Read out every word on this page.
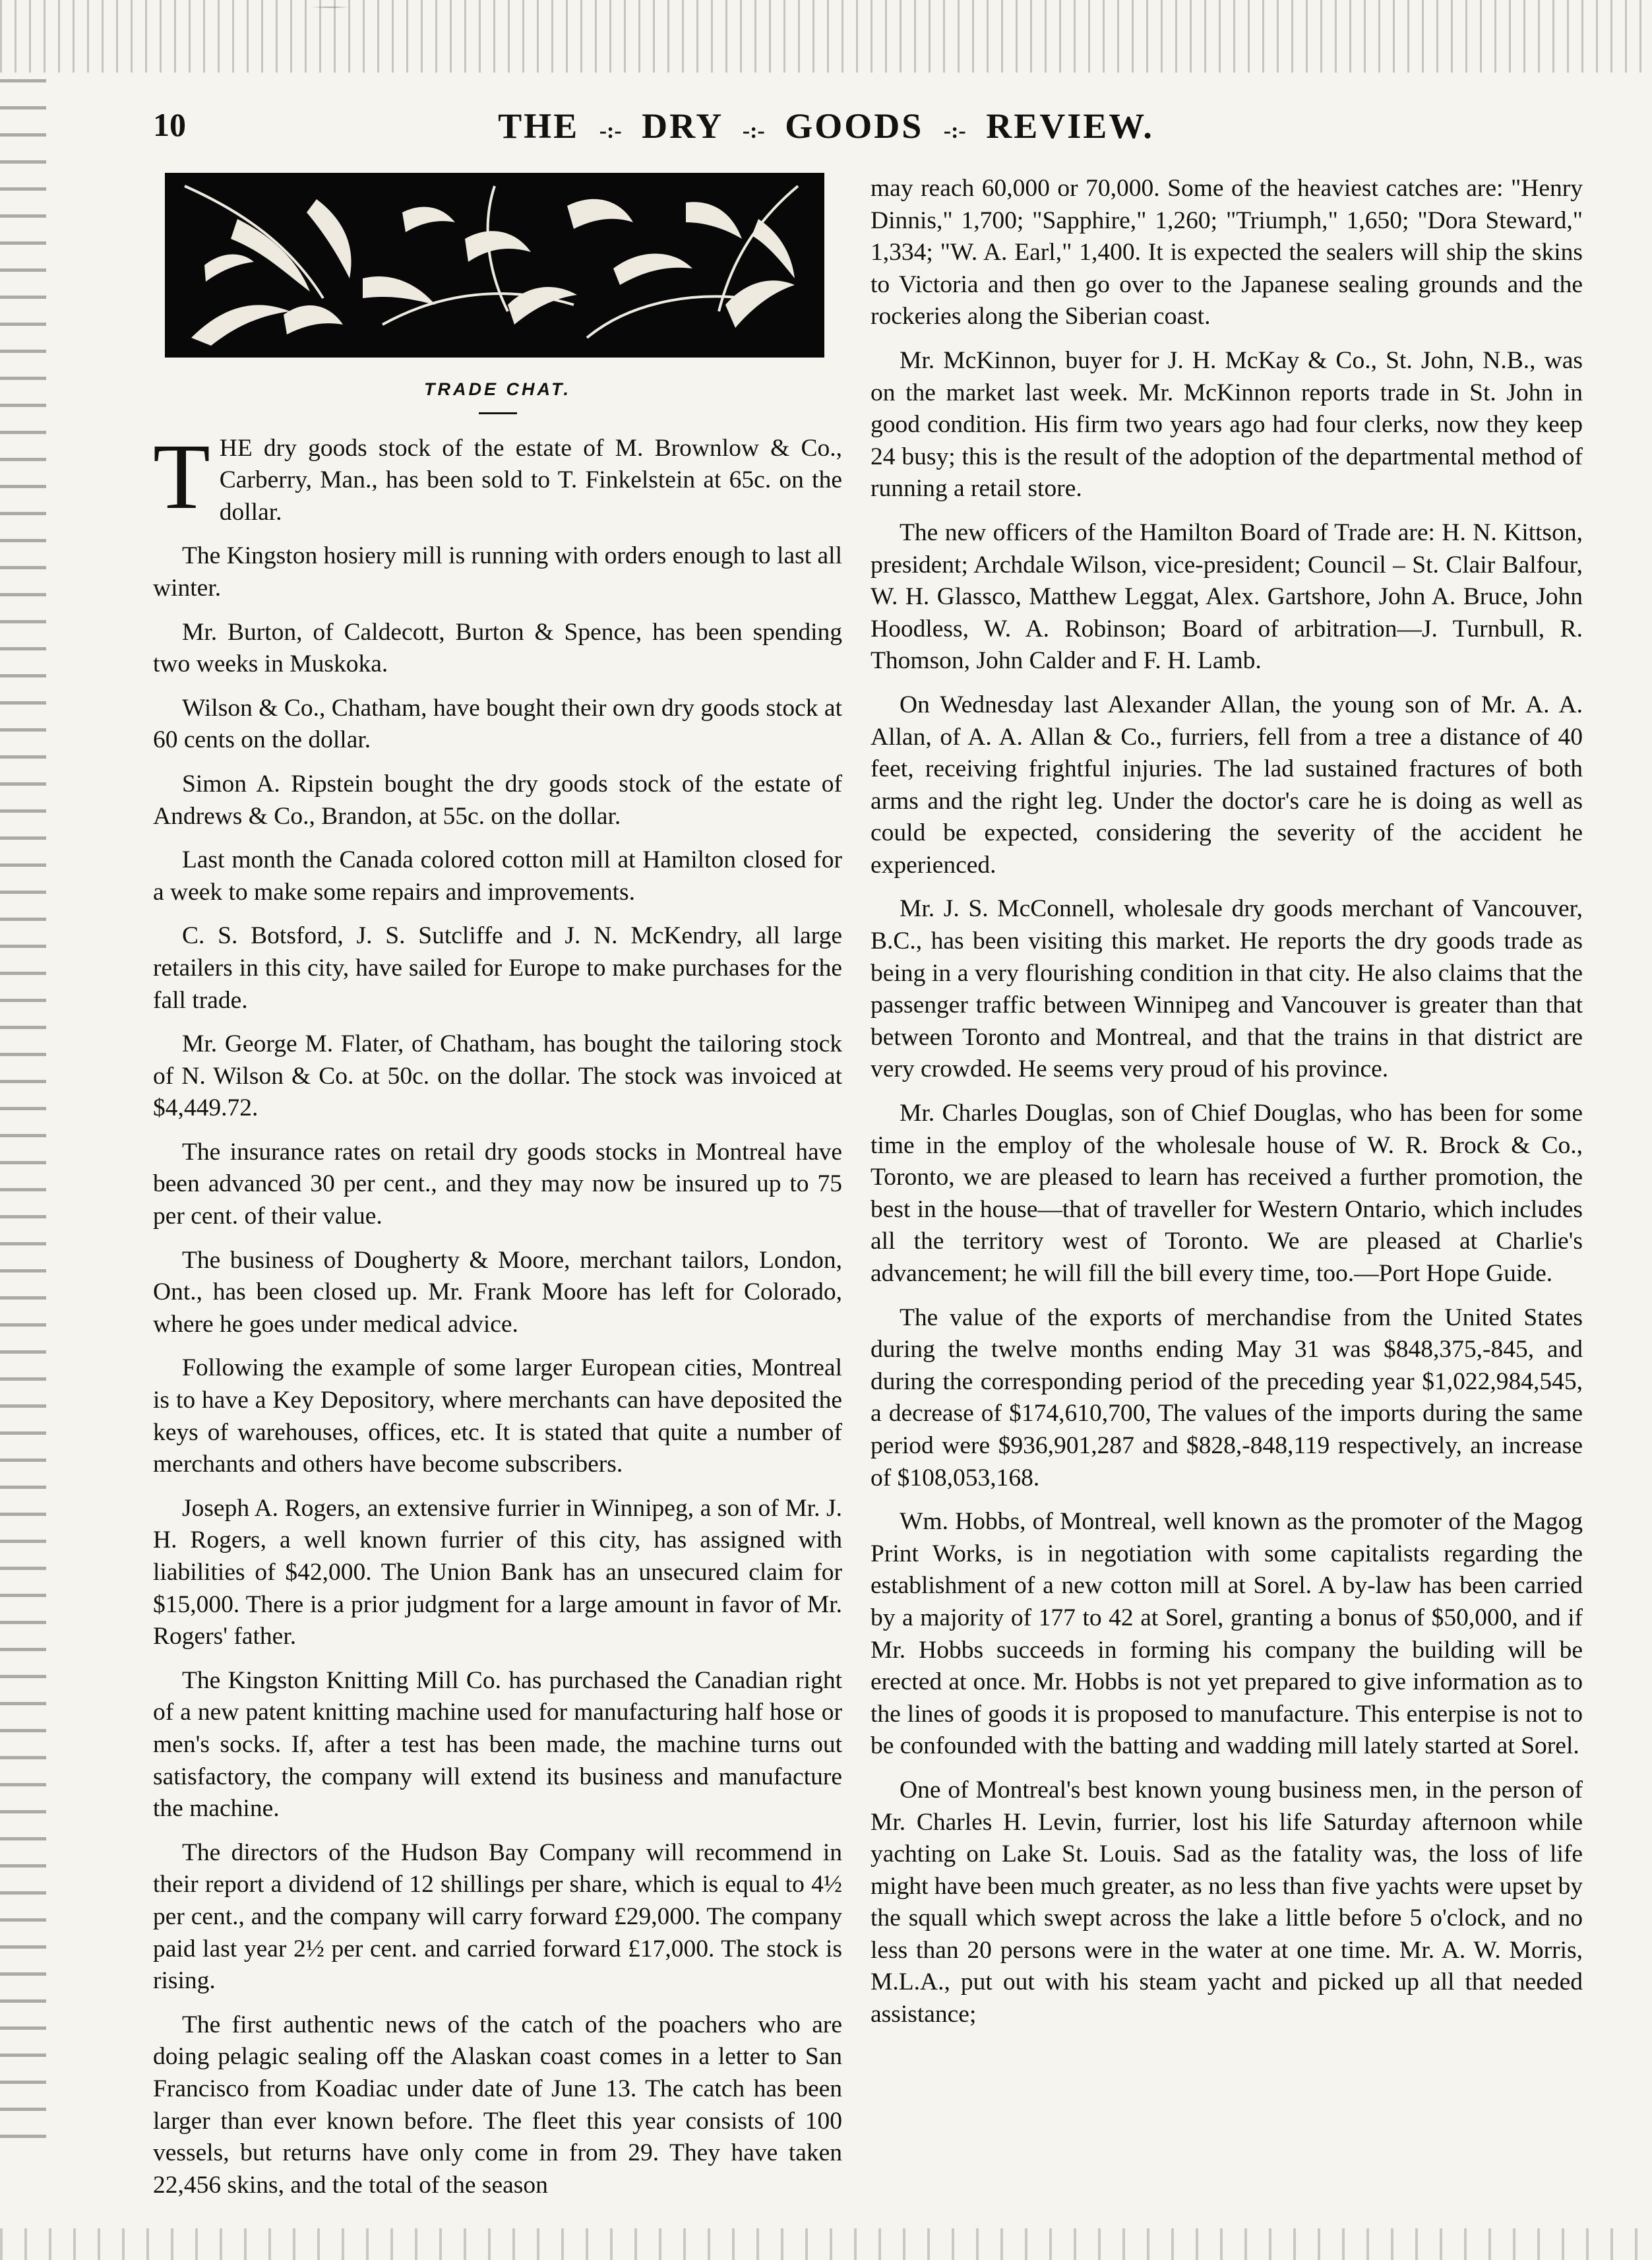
10	THE -:- DRY -:- GOODS -:- REVIEW.
TRADE CHAT.

THE dry goods stock of the estate of M. Brownlow & Co., Carberry, Man., has been sold to T. Finkelstein at 65c. on the dollar.

The Kingston hosiery mill is running with orders enough to last all winter.

Mr. Burton, of Caldecott, Burton & Spence, has been spending two weeks in Muskoka.

Wilson & Co., Chatham, have bought their own dry goods stock at 60 cents on the dollar.

Simon A. Ripstein bought the dry goods stock of the estate of Andrews & Co., Brandon, at 55c. on the dollar.

Last month the Canada colored cotton mill at Hamilton closed for a week to make some repairs and improvements.

C. S. Botsford, J. S. Sutcliffe and J. N. McKendry, all large retailers in this city, have sailed for Europe to make purchases for the fall trade.

Mr. George M. Flater, of Chatham, has bought the tailoring stock of N. Wilson & Co. at 50c. on the dollar. The stock was invoiced at $4,449.72.

The insurance rates on retail dry goods stocks in Montreal have been advanced 30 per cent., and they may now be insured up to 75 per cent. of their value.

The business of Dougherty & Moore, merchant tailors, London, Ont., has been closed up. Mr. Frank Moore has left for Colorado, where he goes under medical advice.

Following the example of some larger European cities, Montreal is to have a Key Depository, where merchants can have deposited the keys of warehouses, offices, etc. It is stated that quite a number of merchants and others have become subscribers.

Joseph A. Rogers, an extensive furrier in Winnipeg, a son of Mr. J. H. Rogers, a well known furrier of this city, has assigned with liabilities of $42,000. The Union Bank has an unsecured claim for $15,000. There is a prior judgment for a large amount in favor of Mr. Rogers' father.

The Kingston Knitting Mill Co. has purchased the Canadian right of a new patent knitting machine used for manufacturing half hose or men's socks. If, after a test has been made, the machine turns out satisfactory, the company will extend its business and manufacture the machine.

The directors of the Hudson Bay Company will recommend in their report a dividend of 12 shillings per share, which is equal to 4½ per cent., and the company will carry forward £29,000. The company paid last year 2½ per cent. and carried forward £17,000. The stock is rising.

The first authentic news of the catch of the poachers who are doing pelagic sealing off the Alaskan coast comes in a letter to San Francisco from Koadiac under date of June 13. The catch has been larger than ever known before. The fleet this year consists of 100 vessels, but returns have only come in from 29. They have taken 22,456 skins, and the total of the season

may reach 60,000 or 70,000. Some of the heaviest catches are: "Henry Dinnis," 1,700; "Sapphire," 1,260; "Triumph," 1,650; "Dora Steward," 1,334; "W. A. Earl," 1,400. It is expected the sealers will ship the skins to Victoria and then go over to the Japanese sealing grounds and the rockeries along the Siberian coast.

Mr. McKinnon, buyer for J. H. McKay & Co., St. John, N.B., was on the market last week. Mr. McKinnon reports trade in St. John in good condition. His firm two years ago had four clerks, now they keep 24 busy; this is the result of the adoption of the departmental method of running a retail store.

The new officers of the Hamilton Board of Trade are: H. N. Kittson, president; Archdale Wilson, vice-president; Council – St. Clair Balfour, W. H. Glassco, Matthew Leggat, Alex. Gartshore, John A. Bruce, John Hoodless, W. A. Robinson; Board of arbitration—J. Turnbull, R. Thomson, John Calder and F. H. Lamb.

On Wednesday last Alexander Allan, the young son of Mr. A. A. Allan, of A. A. Allan & Co., furriers, fell from a tree a distance of 40 feet, receiving frightful injuries. The lad sustained fractures of both arms and the right leg. Under the doctor's care he is doing as well as could be expected, considering the severity of the accident he experienced.

Mr. J. S. McConnell, wholesale dry goods merchant of Vancouver, B.C., has been visiting this market. He reports the dry goods trade as being in a very flourishing condition in that city. He also claims that the passenger traffic between Winnipeg and Vancouver is greater than that between Toronto and Montreal, and that the trains in that district are very crowded. He seems very proud of his province.

Mr. Charles Douglas, son of Chief Douglas, who has been for some time in the employ of the wholesale house of W. R. Brock & Co., Toronto, we are pleased to learn has received a further promotion, the best in the house—that of traveller for Western Ontario, which includes all the territory west of Toronto. We are pleased at Charlie's advancement; he will fill the bill every time, too.—Port Hope Guide.

The value of the exports of merchandise from the United States during the twelve months ending May 31 was $848,375,-845, and during the corresponding period of the preceding year $1,022,984,545, a decrease of $174,610,700, The values of the imports during the same period were $936,901,287 and $828,-848,119 respectively, an increase of $108,053,168.

Wm. Hobbs, of Montreal, well known as the promoter of the Magog Print Works, is in negotiation with some capitalists regarding the establishment of a new cotton mill at Sorel. A by-law has been carried by a majority of 177 to 42 at Sorel, granting a bonus of $50,000, and if Mr. Hobbs succeeds in forming his company the building will be erected at once. Mr. Hobbs is not yet prepared to give information as to the lines of goods it is proposed to manufacture. This enterpise is not to be confounded with the batting and wadding mill lately started at Sorel.

One of Montreal's best known young business men, in the person of Mr. Charles H. Levin, furrier, lost his life Saturday afternoon while yachting on Lake St. Louis. Sad as the fatality was, the loss of life might have been much greater, as no less than five yachts were upset by the squall which swept across the lake a little before 5 o'clock, and no less than 20 persons were in the water at one time. Mr. A. W. Morris, M.L.A., put out with his steam yacht and picked up all that needed assistance;
